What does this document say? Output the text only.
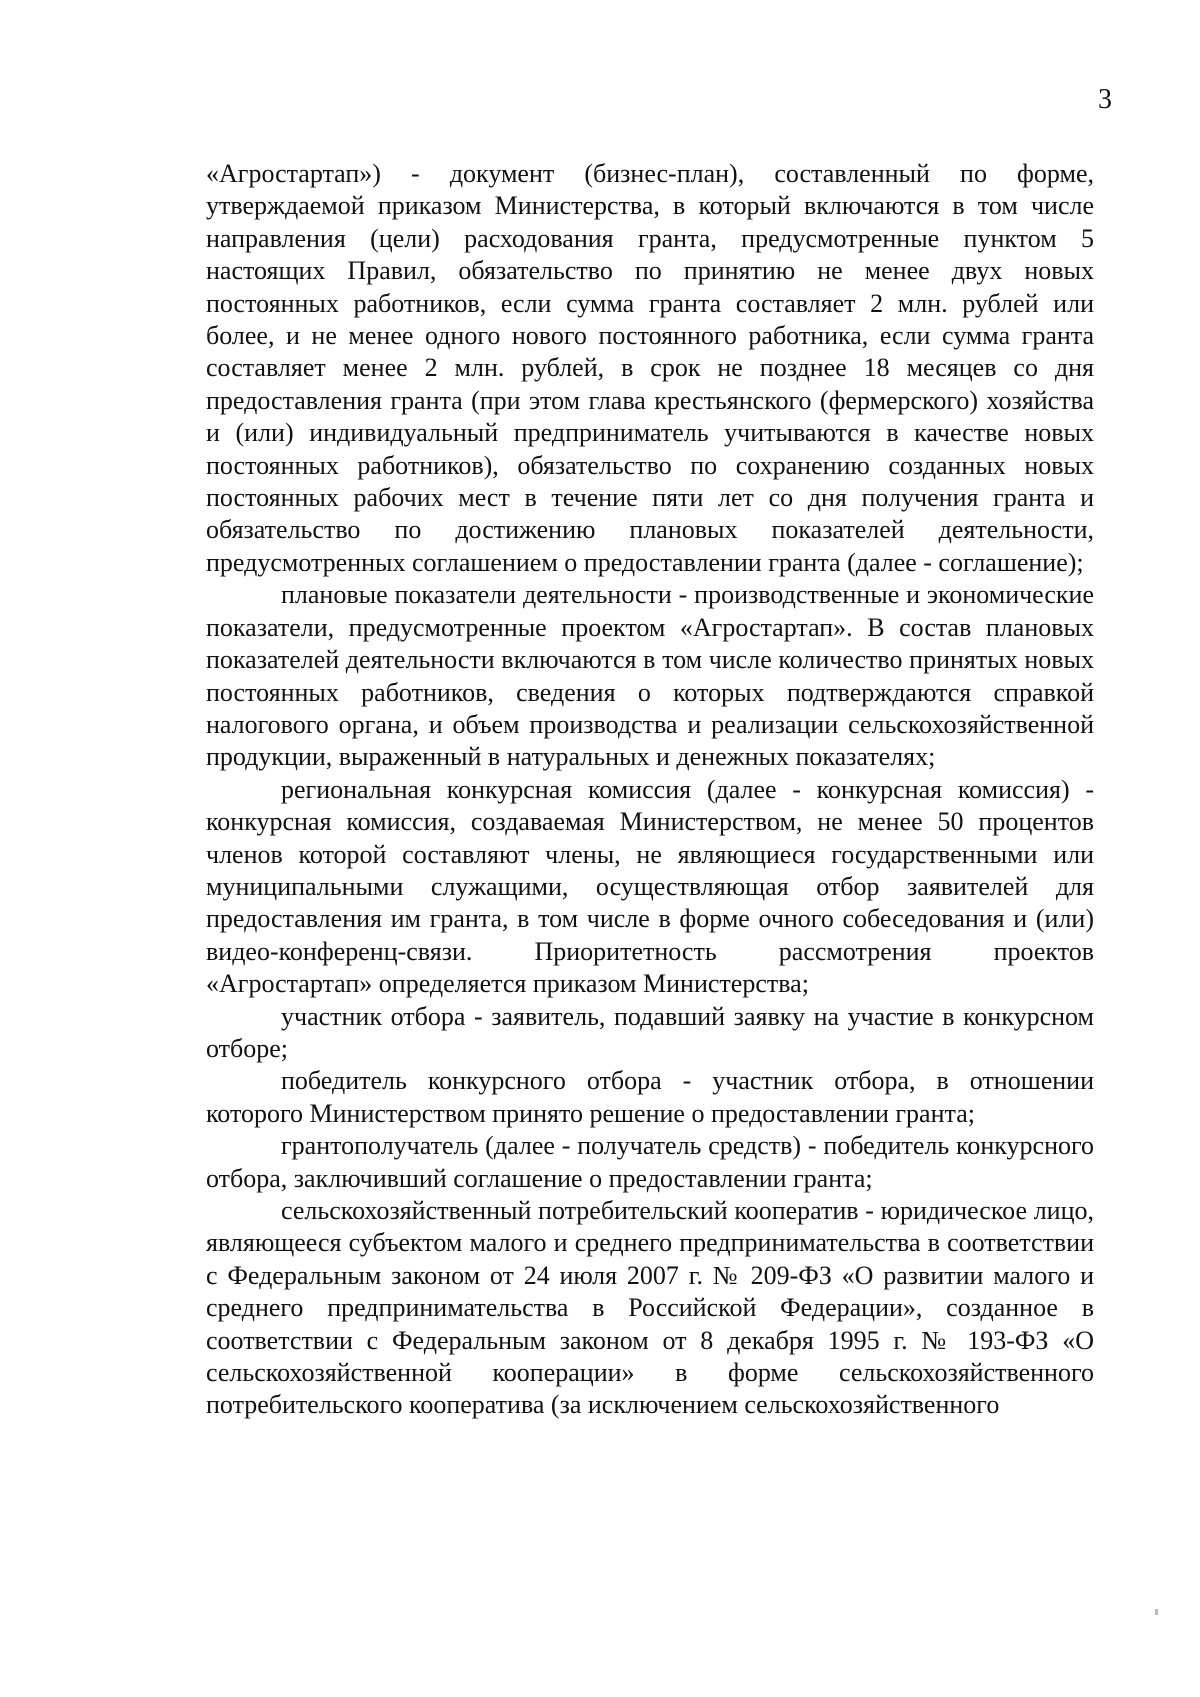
3

«Агростартап») - документ (бизнес-план), составленный по форме, утверждаемой приказом Министерства, в который включаются в том числе направления (цели) расходования гранта, предусмотренные пунктом 5 настоящих Правил, обязательство по принятию не менее двух новых постоянных работников, если сумма гранта составляет 2 млн. рублей или более, и не менее одного нового постоянного работника, если сумма гранта составляет менее 2 млн. рублей, в срок не позднее 18 месяцев со дня предоставления гранта (при этом глава крестьянского (фермерского) хозяйства и (или) индивидуальный предприниматель учитываются в качестве новых постоянных работников), обязательство по сохранению созданных новых постоянных рабочих мест в течение пяти лет со дня получения гранта и обязательство по достижению плановых показателей деятельности, предусмотренных соглашением о предоставлении гранта (далее - соглашение);

плановые показатели деятельности - производственные и экономические показатели, предусмотренные проектом «Агростартап». В состав плановых показателей деятельности включаются в том числе количество принятых новых постоянных работников, сведения о которых подтверждаются справкой налогового органа, и объем производства и реализации сельскохозяйственной продукции, выраженный в натуральных и денежных показателях;

региональная конкурсная комиссия (далее - конкурсная комиссия) - конкурсная комиссия, создаваемая Министерством, не менее 50 процентов членов которой составляют члены, не являющиеся государственными или муниципальными служащими, осуществляющая отбор заявителей для предоставления им гранта, в том числе в форме очного собеседования и (или) видео-конференц-связи. Приоритетность рассмотрения проектов «Агростартап» определяется приказом Министерства;

участник отбора - заявитель, подавший заявку на участие в конкурсном отборе;

победитель конкурсного отбора - участник отбора, в отношении которого Министерством принято решение о предоставлении гранта;

грантополучатель (далее - получатель средств) - победитель конкурсного отбора, заключивший соглашение о предоставлении гранта;

сельскохозяйственный потребительский кооператив - юридическое лицо, являющееся субъектом малого и среднего предпринимательства в соответствии с Федеральным законом от 24 июля 2007 г. № 209-ФЗ «О развитии малого и среднего предпринимательства в Российской Федерации», созданное в соответствии с Федеральным законом от 8 декабря 1995 г. № 193-ФЗ «О сельскохозяйственной кооперации» в форме сельскохозяйственного потребительского кооператива (за исключением сельскохозяйственного
